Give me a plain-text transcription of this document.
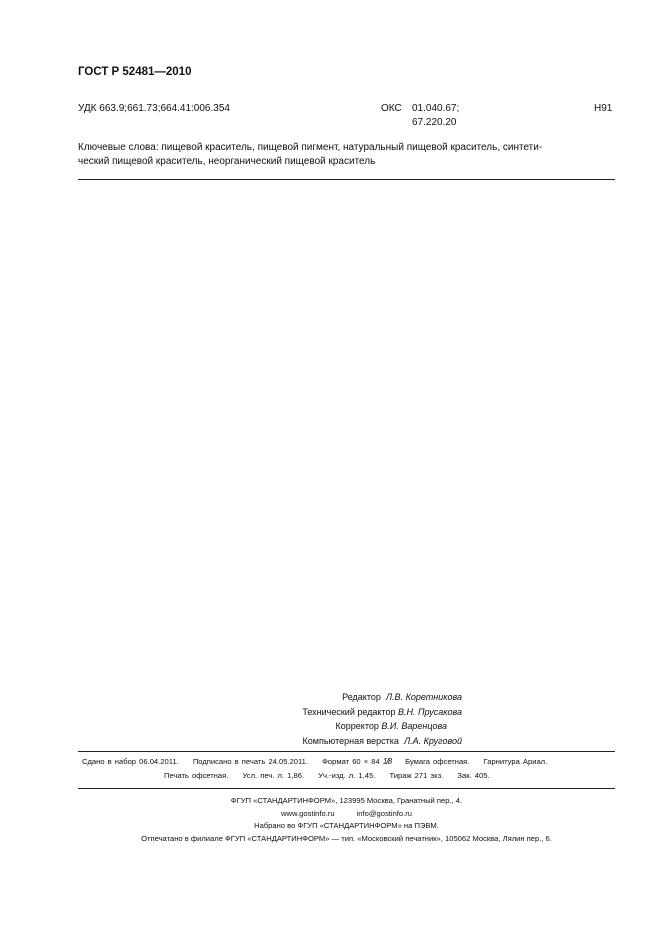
ГОСТ Р 52481—2010
УДК 663.9;661.73;664.41:006.354	ОКС 01.040.67;
67.220.20
Н91
Ключевые слова: пищевой краситель, пищевой пигмент, натуральный пищевой краситель, синтети-
ческий пищевой краситель, неорганический пищевой краситель
Редактор Л.В. Коретникова
Технический редактор В.Н. Прусакова
Корректор В.И. Варенцова
Компьютерная верстка Л.А. Круговой
Сдано в набор 06.04.2011. Подписано в печать 24.05.2011. Формат 60 × 84 1/8 Бумага офсетная. Гарнитура Ариал.
Печать офсетная. Усл. печ. л. 1,86. Уч.-изд. л. 1,45. Тираж 271 экз. Зак. 405.
ФГУП «СТАНДАРТИНФОРМ», 123995 Москва, Гранатный пер., 4.
www.gostinfo.ru	info@gostinfo.ru
Набрано во ФГУП «СТАНДАРТИНФОРМ» на ПЭВМ.
Отпечатано в филиале ФГУП «СТАНДАРТИНФОРМ» — тип. «Московский печатник», 105062 Москва, Лялин пер., 6.
